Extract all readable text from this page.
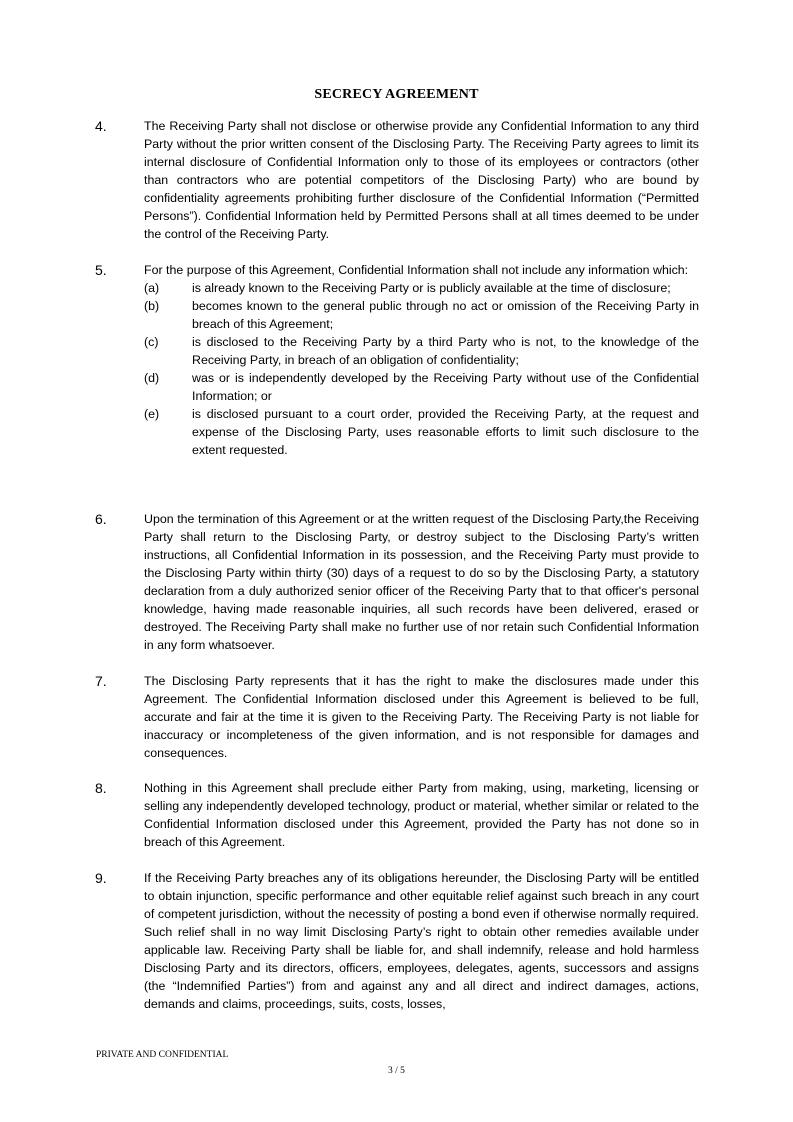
SECRECY AGREEMENT
4.	The Receiving Party shall not disclose or otherwise provide any Confidential Information to any third Party without the prior written consent of the Disclosing Party. The Receiving Party agrees to limit its internal disclosure of Confidential Information only to those of its employees or contractors (other than contractors who are potential competitors of the Disclosing Party) who are bound by confidentiality agreements prohibiting further disclosure of the Confidential Information (“Permitted Persons”). Confidential Information held by Permitted Persons shall at all times deemed to be under the control of the Receiving Party.
5.	For the purpose of this Agreement, Confidential Information shall not include any information which:
(a)	is already known to the Receiving Party or is publicly available at the time of disclosure;
(b)	becomes known to the general public through no act or omission of the Receiving Party in breach of this Agreement;
(c)	is disclosed to the Receiving Party by a third Party who is not, to the knowledge of the Receiving Party, in breach of an obligation of confidentiality;
(d)	was or is independently developed by the Receiving Party without use of the Confidential Information; or
(e)	is disclosed pursuant to a court order, provided the Receiving Party, at the request and expense of the Disclosing Party, uses reasonable efforts to limit such disclosure to the extent requested.
6.	Upon the termination of this Agreement or at the written request of the Disclosing Party,the Receiving Party shall return to the Disclosing Party, or destroy subject to the Disclosing Party’s written instructions, all Confidential Information in its possession, and the Receiving Party must provide to the Disclosing Party within thirty (30) days of a request to do so by the Disclosing Party, a statutory declaration from a duly authorized senior officer of the Receiving Party that to that officer's personal knowledge, having made reasonable inquiries, all such records have been delivered, erased or destroyed. The Receiving Party shall make no further use of nor retain such Confidential Information in any form whatsoever.
7.	The Disclosing Party represents that it has the right to make the disclosures made under this Agreement. The Confidential Information disclosed under this Agreement is believed to be full, accurate and fair at the time it is given to the Receiving Party. The Receiving Party is not liable for inaccuracy or incompleteness of the given information, and is not responsible for damages and consequences.
8.	Nothing in this Agreement shall preclude either Party from making, using, marketing, licensing or selling any independently developed technology, product or material, whether similar or related to the Confidential Information disclosed under this Agreement, provided the Party has not done so in breach of this Agreement.
9.	If the Receiving Party breaches any of its obligations hereunder, the Disclosing Party will be entitled to obtain injunction, specific performance and other equitable relief against such breach in any court of competent jurisdiction, without the necessity of posting a bond even if otherwise normally required. Such relief shall in no way limit Disclosing Party’s right to obtain other remedies available under applicable law. Receiving Party shall be liable for, and shall indemnify, release and hold harmless Disclosing Party and its directors, officers, employees, delegates, agents, successors and assigns (the “Indemnified Parties”) from and against any and all direct and indirect damages, actions, demands and claims, proceedings, suits, costs, losses,
PRIVATE AND CONFIDENTIAL
3 / 5
